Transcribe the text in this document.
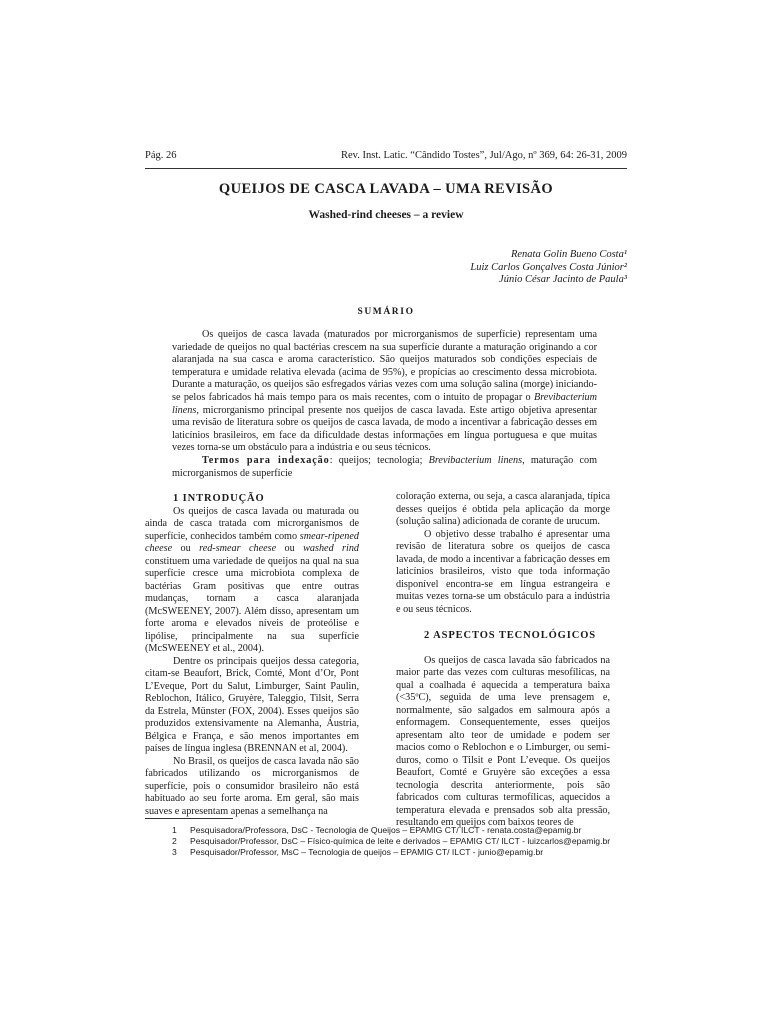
Pág. 26	Rev. Inst. Latic. “Cândido Tostes”, Jul/Ago, nº 369, 64: 26-31, 2009
QUEIJOS DE CASCA LAVADA – UMA REVISÃO
Washed-rind cheeses – a review
Renata Golin Bueno Costa¹
Luiz Carlos Gonçalves Costa Júnior²
Júnio César Jacinto de Paula³
SUMÁRIO

Os queijos de casca lavada (maturados por microrganismos de superfície) representam uma variedade de queijos no qual bactérias crescem na sua superfície durante a maturação originando a cor alaranjada na sua casca e aroma característico. São queijos maturados sob condições especiais de temperatura e umidade relativa elevada (acima de 95%), e propícias ao crescimento dessa microbiota. Durante a maturação, os queijos são esfregados várias vezes com uma solução salina (morge) iniciando-se pelos fabricados há mais tempo para os mais recentes, com o intuito de propagar o Brevibacterium linens, microrganismo principal presente nos queijos de casca lavada. Este artigo objetiva apresentar uma revisão de literatura sobre os queijos de casca lavada, de modo a incentivar a fabricação desses em laticínios brasileiros, em face da dificuldade destas informações em língua portuguesa e que muitas vezes torna-se um obstáculo para a indústria e ou seus técnicos.

Termos para indexação: queijos; tecnologia; Brevibacterium linens, maturação com microrganismos de superfície

1 INTRODUÇÃO

Os queijos de casca lavada ou maturada ou ainda de casca tratada com microrganismos de superfície, conhecidos também como smear-ripened cheese ou red-smear cheese ou washed rind constituem uma variedade de queijos na qual na sua superfície cresce uma microbiota complexa de bactérias Gram positivas que entre outras mudanças, tornam a casca alaranjada (McSWEENEY, 2007). Além disso, apresentam um forte aroma e elevados níveis de proteólise e lipólise, principalmente na sua superfície (McSWEENEY et al., 2004).

Dentre os principais queijos dessa categoria, citam-se Beaufort, Brick, Comté, Mont d’Or, Pont L’Eveque, Port du Salut, Limburger, Saint Paulin, Reblochon, Itálico, Gruyère, Taleggio, Tilsit, Serra da Estrela, Münster (FOX, 2004). Esses queijos são produzidos extensivamente na Alemanha, Áustria, Bélgica e França, e são menos importantes em países de língua inglesa (BRENNAN et al, 2004).

No Brasil, os queijos de casca lavada não são fabricados utilizando os microrganismos de superfície, pois o consumidor brasileiro não está habituado ao seu forte aroma. Em geral, são mais suaves e apresentam apenas a semelhança na

coloração externa, ou seja, a casca alaranjada, típica desses queijos é obtida pela aplicação da morge (solução salina) adicionada de corante de urucum.

O objetivo desse trabalho é apresentar uma revisão de literatura sobre os queijos de casca lavada, de modo a incentivar a fabricação desses em laticínios brasileiros, visto que toda informação disponível encontra-se em língua estrangeira e muitas vezes torna-se um obstáculo para a indústria e ou seus técnicos.

2 ASPECTOS TECNOLÓGICOS

Os queijos de casca lavada são fabricados na maior parte das vezes com culturas mesofílicas, na qual a coalhada é aquecida a temperatura baixa (<35ºC), seguida de uma leve prensagem e, normalmente, são salgados em salmoura após a enformagem. Consequentemente, esses queijos apresentam alto teor de umidade e podem ser macios como o Reblochon e o Limburger, ou semi-duros, como o Tilsit e Pont L’eveque. Os queijos Beaufort, Comté e Gruyère são exceções a essa tecnologia descrita anteriormente, pois são fabricados com culturas termofílicas, aquecidos a temperatura elevada e prensados sob alta pressão, resultando em queijos com baixos teores de

1	Pesquisadora/Professora, DsC - Tecnologia de Queijos – EPAMIG CT/ ILCT - renata.costa@epamig.br
2	Pesquisador/Professor, DsC – Físico-química de leite e derivados – EPAMIG CT/ ILCT - luizcarlos@epamig.br
3	Pesquisador/Professor, MsC – Tecnologia de queijos – EPAMIG CT/ ILCT - junio@epamig.br
